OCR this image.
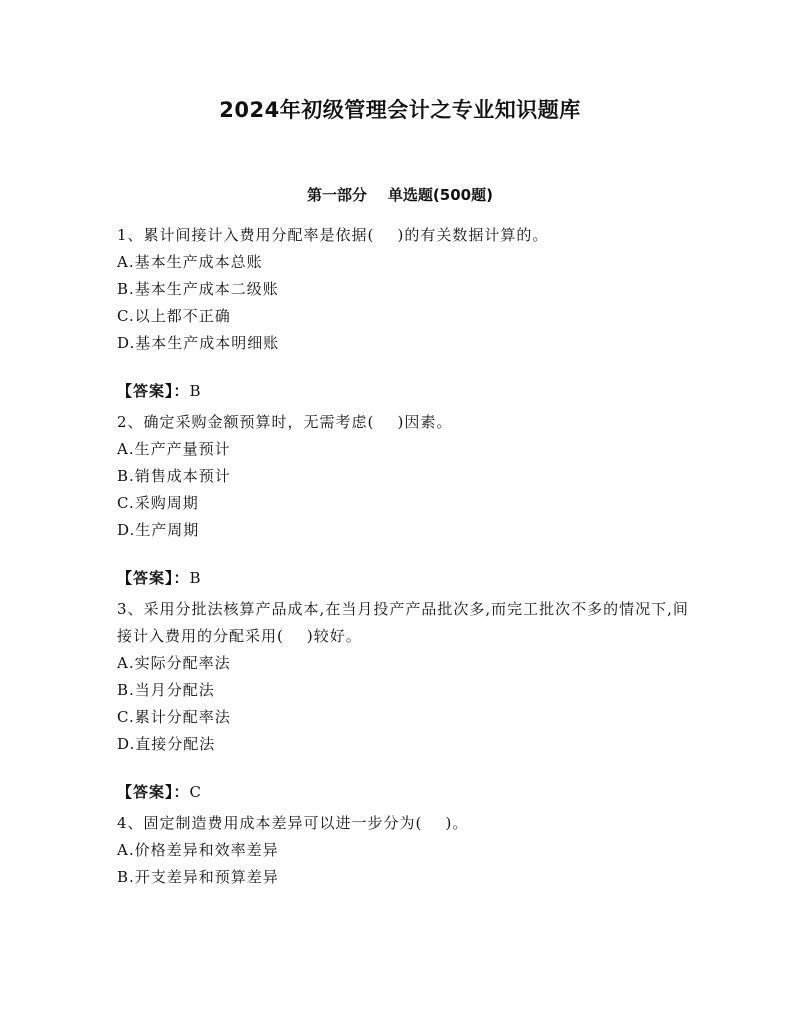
2024年初级管理会计之专业知识题库
第一部分    单选题(500题)

1、累计间接计入费用分配率是依据(    )的有关数据计算的。

A.基本生产成本总账

B.基本生产成本二级账

C.以上都不正确

D.基本生产成本明细账

【答案】：B

2、确定采购金额预算时，无需考虑(    )因素。

A.生产产量预计

B.销售成本预计

C.采购周期

D.生产周期

【答案】：B

3、采用分批法核算产品成本,在当月投产产品批次多,而完工批次不多的情况下,间接计入费用的分配采用(    )较好。

A.实际分配率法

B.当月分配法

C.累计分配率法

D.直接分配法

【答案】：C

4、固定制造费用成本差异可以进一步分为(    )。

A.价格差异和效率差异

B.开支差异和预算差异
